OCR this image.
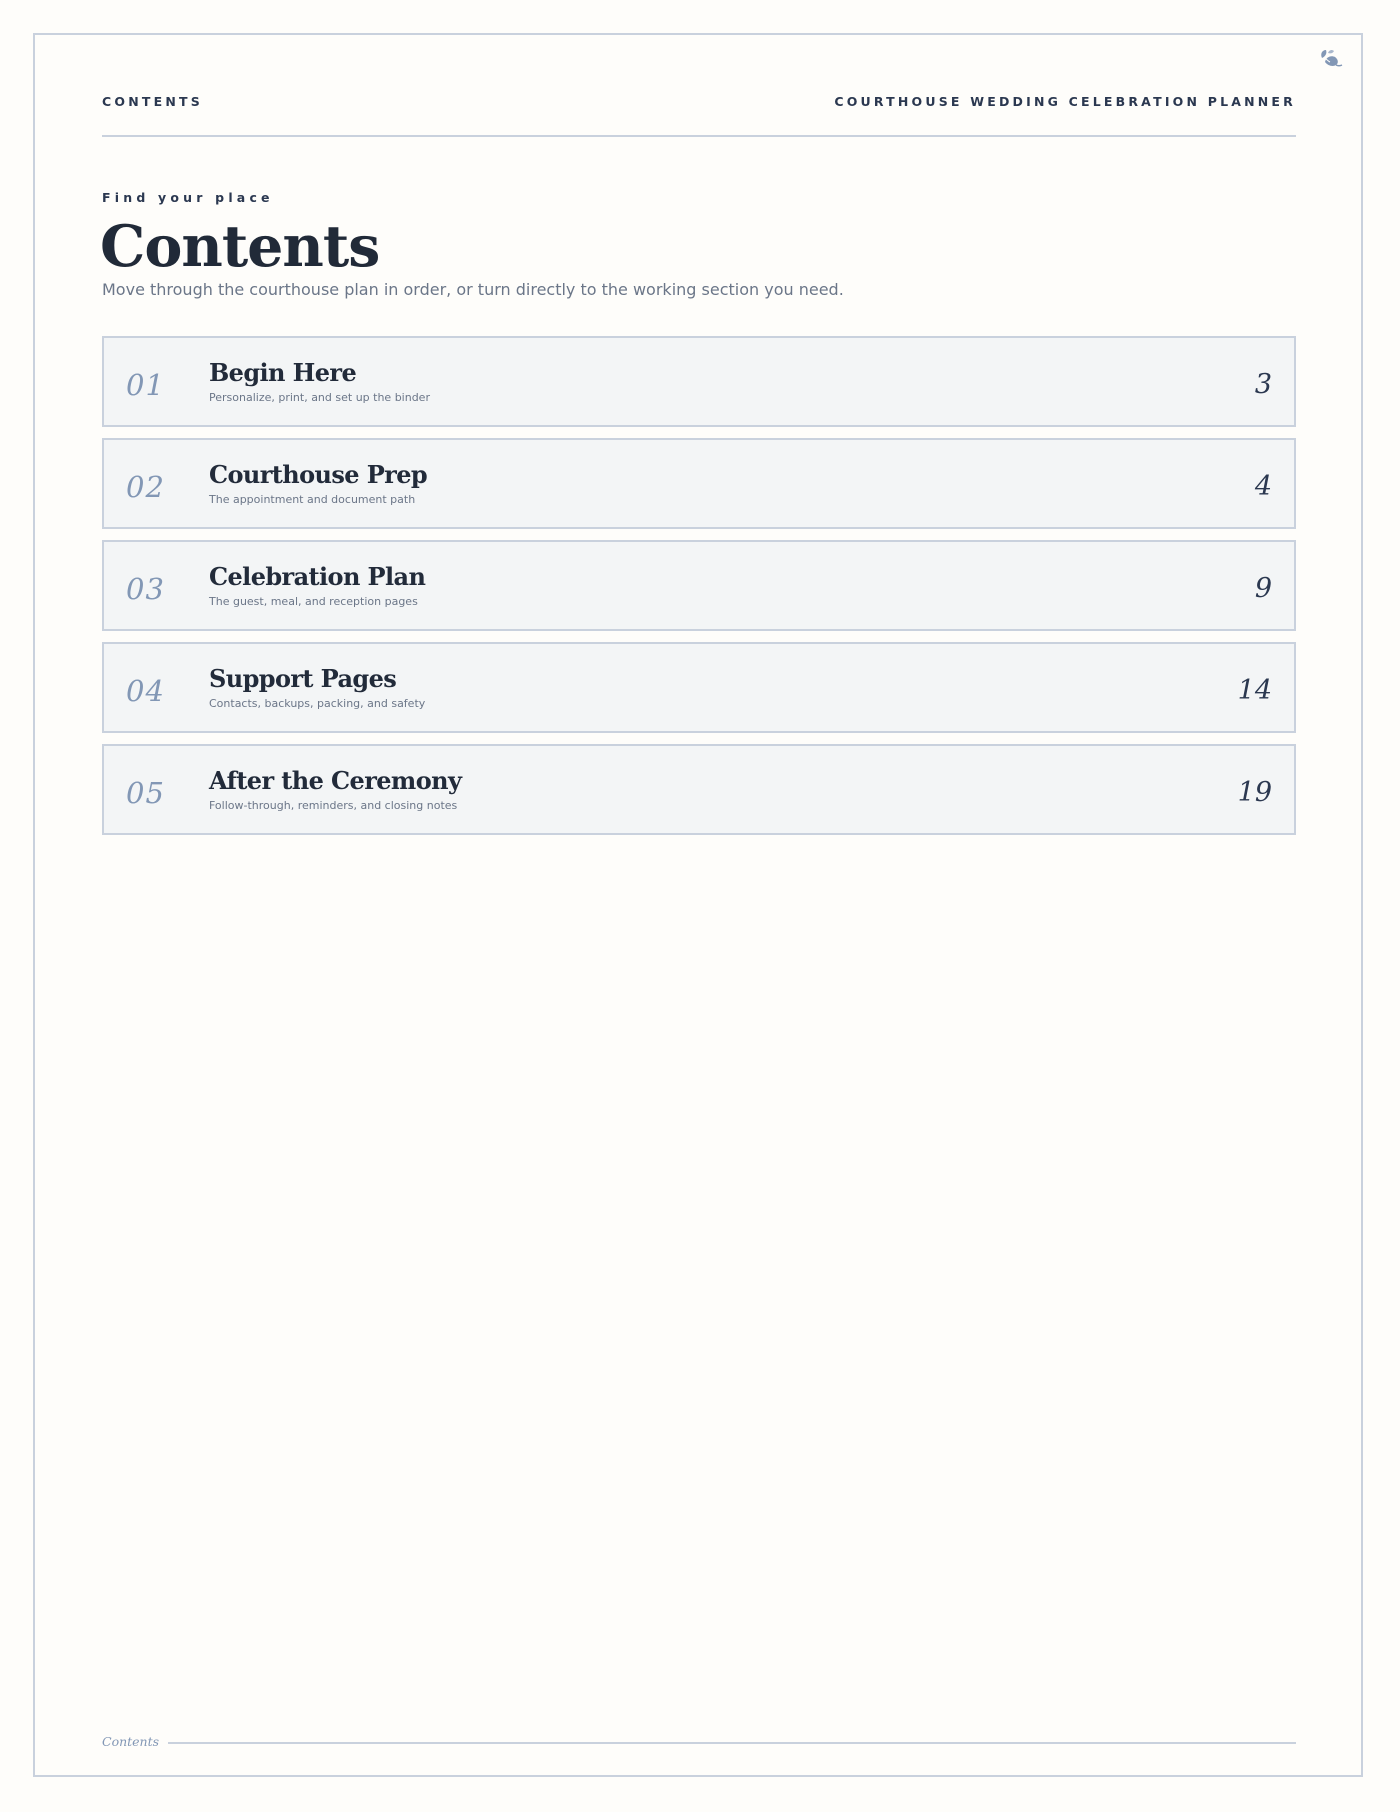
CONTENTS	COURTHOUSE WEDDING CELEBRATION PLANNER
Find your place
Contents
Move through the courthouse plan in order, or turn directly to the working section you need.
01 Begin Here
Personalize, print, and set up the binder	3
02 Courthouse Prep
The appointment and document path	4
03 Celebration Plan
The guest, meal, and reception pages	9
04 Support Pages
Contacts, backups, packing, and safety	14
05 After the Ceremony
Follow-through, reminders, and closing notes	19
Contents
